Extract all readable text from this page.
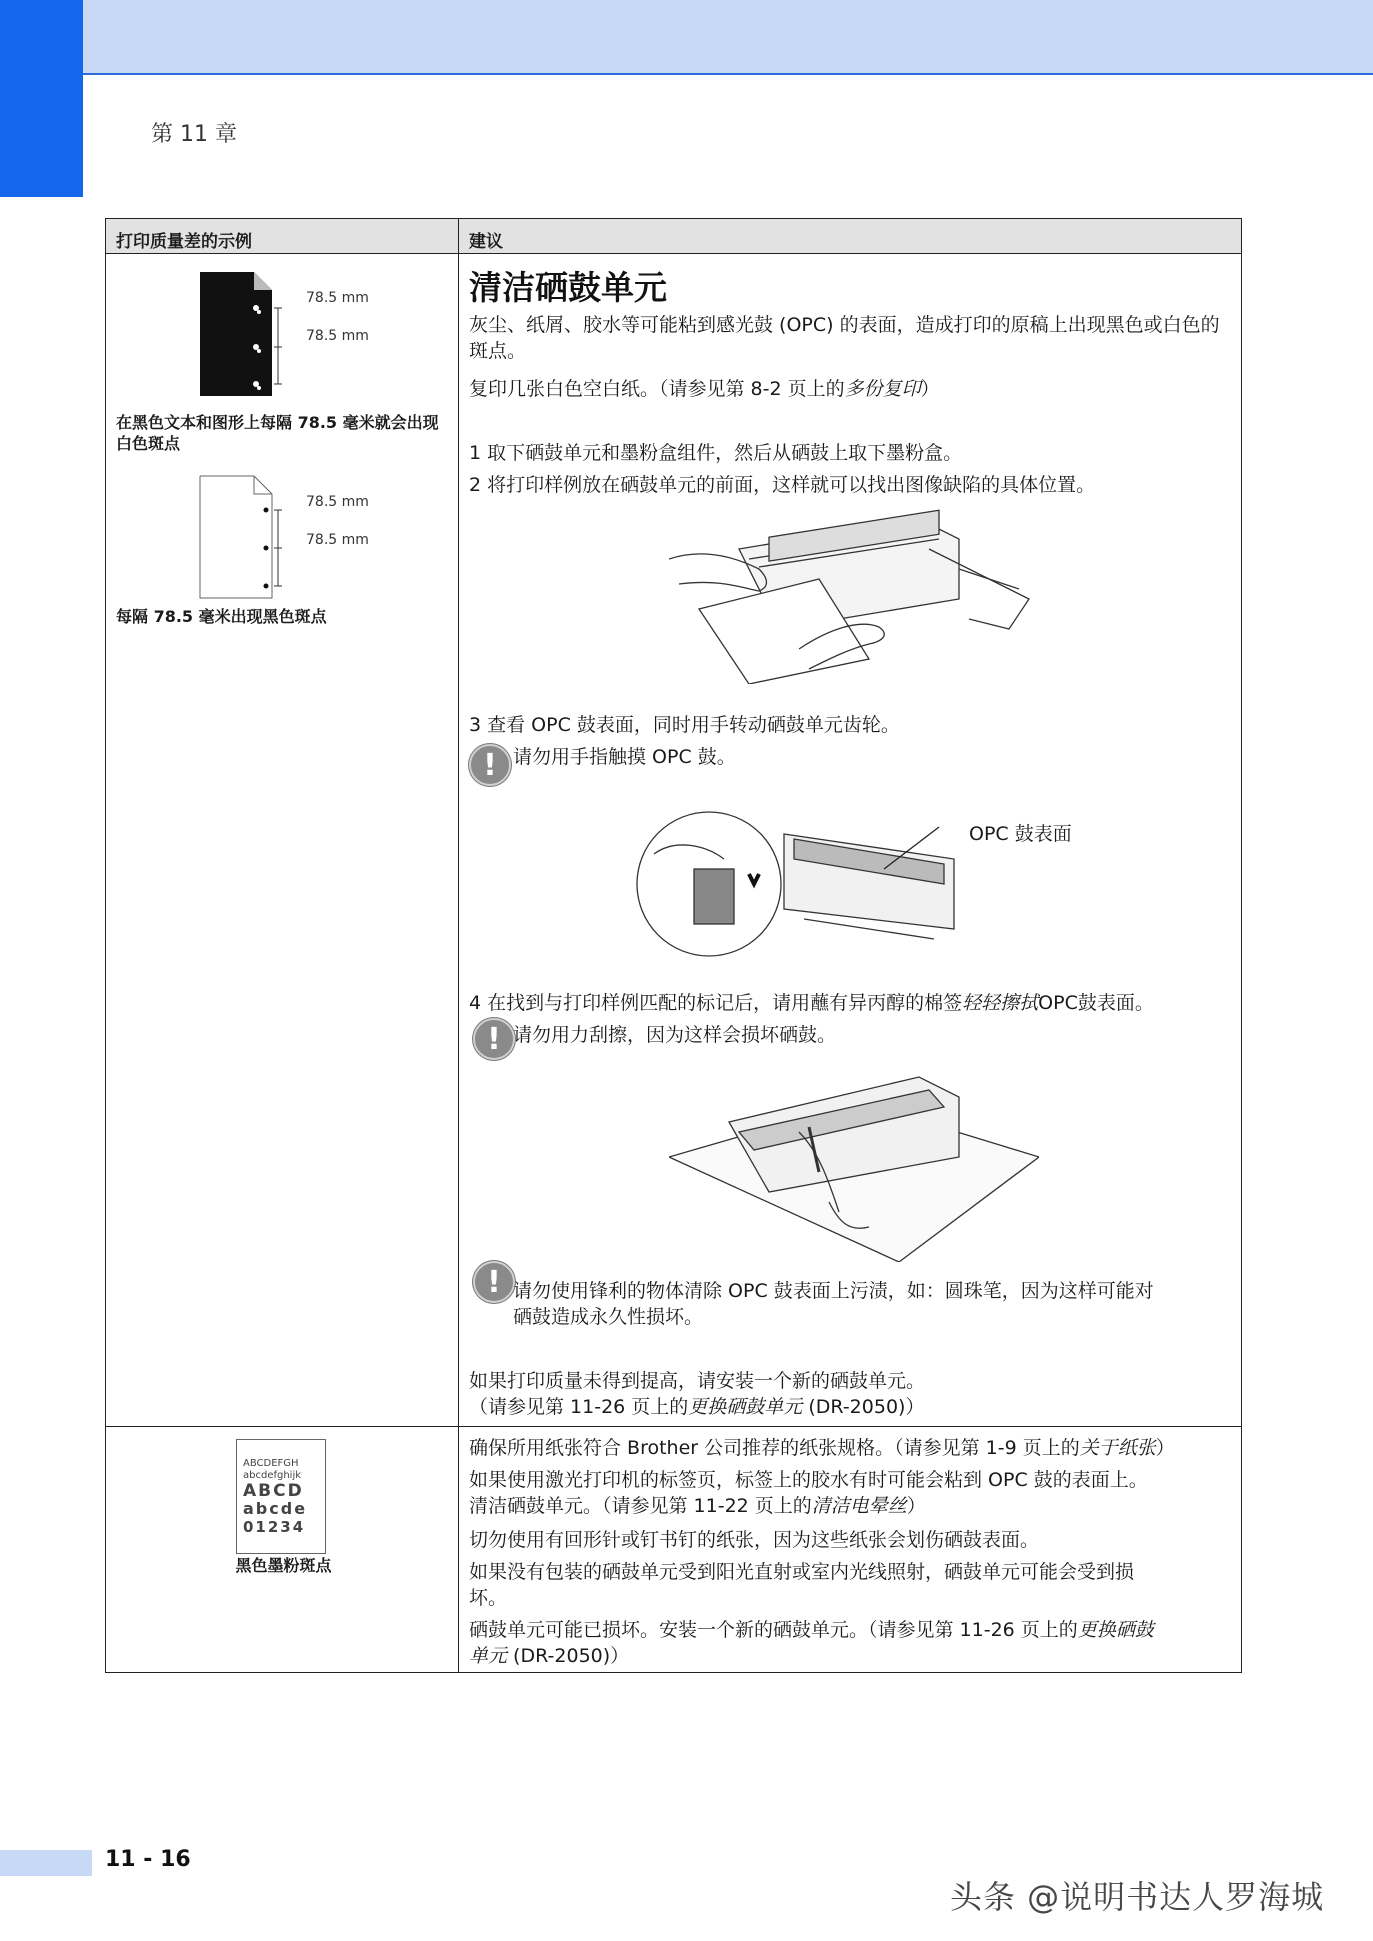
第 11 章
打印质量差的示例	建议
78.5 mm
78.5 mm
在黑色文本和图形上每隔 78.5 毫米就会出现白色斑点
78.5 mm
78.5 mm
每隔 78.5 毫米出现黑色斑点
清洁硒鼓单元
灰尘、纸屑、胶水等可能粘到感光鼓 (OPC) 的表面，造成打印的原稿上出现黑色或白色的斑点。
复印几张白色空白纸。（请参见第 8-2 页上的多份复印）
1 取下硒鼓单元和墨粉盒组件，然后从硒鼓上取下墨粉盒。
2 将打印样例放在硒鼓单元的前面，这样就可以找出图像缺陷的具体位置。
3 查看 OPC 鼓表面，同时用手转动硒鼓单元齿轮。
!
请勿用手指触摸 OPC 鼓。
OPC 鼓表面
4 在找到与打印样例匹配的标记后，请用蘸有异丙醇的棉签轻轻擦拭OPC鼓表面。
!
请勿用力刮擦，因为这样会损坏硒鼓。
!
请勿使用锋利的物体清除 OPC 鼓表面上污渍，如：圆珠笔，因为这样可能对
硒鼓造成永久性损坏。
如果打印质量未得到提高，请安装一个新的硒鼓单元。
（请参见第 11-26 页上的更换硒鼓单元 (DR-2050)）
ABCDEFGH
abcdefghijk
ABCD
abcde
01234
黑色墨粉斑点
确保所用纸张符合 Brother 公司推荐的纸张规格。（请参见第 1-9 页上的关于纸张）
如果使用激光打印机的标签页，标签上的胶水有时可能会粘到 OPC 鼓的表面上。
清洁硒鼓单元。（请参见第 11-22 页上的清洁电晕丝）
切勿使用有回形针或钉书钉的纸张，因为这些纸张会划伤硒鼓表面。
如果没有包装的硒鼓单元受到阳光直射或室内光线照射，硒鼓单元可能会受到损
坏。
硒鼓单元可能已损坏。安装一个新的硒鼓单元。（请参见第 11-26 页上的更换硒鼓
单元 (DR-2050)）
11 - 16
头条 @说明书达人罗海城
